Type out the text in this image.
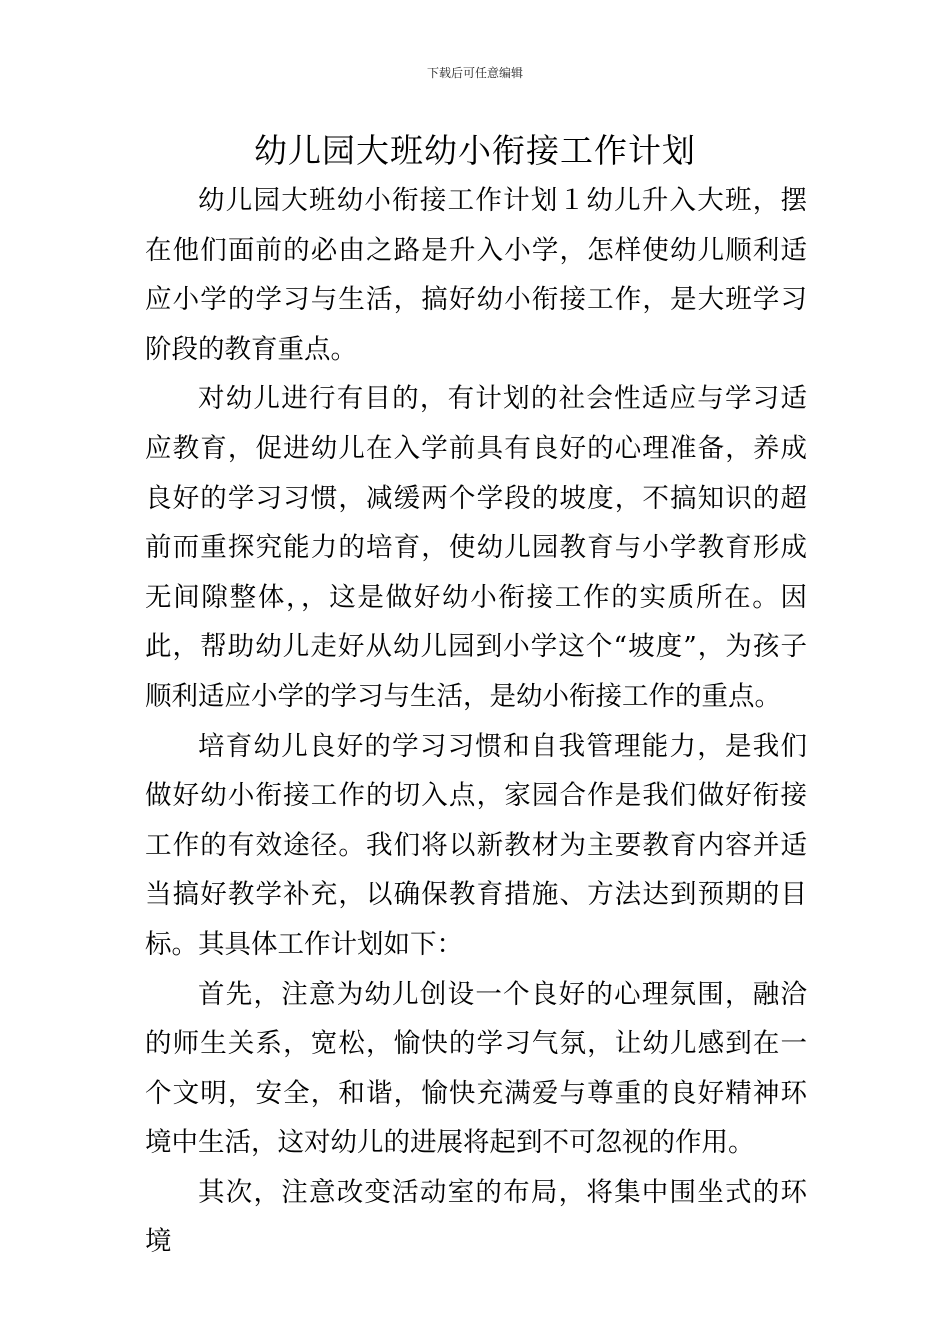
下载后可任意编辑
幼儿园大班幼小衔接工作计划

幼儿园大班幼小衔接工作计划１幼儿升入大班，摆在他们面前的必由之路是升入小学，怎样使幼儿顺利适应小学的学习与生活，搞好幼小衔接工作，是大班学习阶段的教育重点。

对幼儿进行有目的，有计划的社会性适应与学习适应教育，促进幼儿在入学前具有良好的心理准备，养成良好的学习习惯，减缓两个学段的坡度，不搞知识的超前而重探究能力的培育，使幼儿园教育与小学教育形成无间隙整体，，这是做好幼小衔接工作的实质所在。因此，帮助幼儿走好从幼儿园到小学这个“坡度”，为孩子顺利适应小学的学习与生活，是幼小衔接工作的重点。

培育幼儿良好的学习习惯和自我管理能力，是我们做好幼小衔接工作的切入点，家园合作是我们做好衔接工作的有效途径。我们将以新教材为主要教育内容并适当搞好教学补充，以确保教育措施、方法达到预期的目标。其具体工作计划如下：

首先，注意为幼儿创设一个良好的心理氛围，融洽的师生关系，宽松，愉快的学习气氛，让幼儿感到在一个文明，安全，和谐，愉快充满爱与尊重的良好精神环境中生活，这对幼儿的进展将起到不可忽视的作用。

其次，注意改变活动室的布局，将集中围坐式的环境
